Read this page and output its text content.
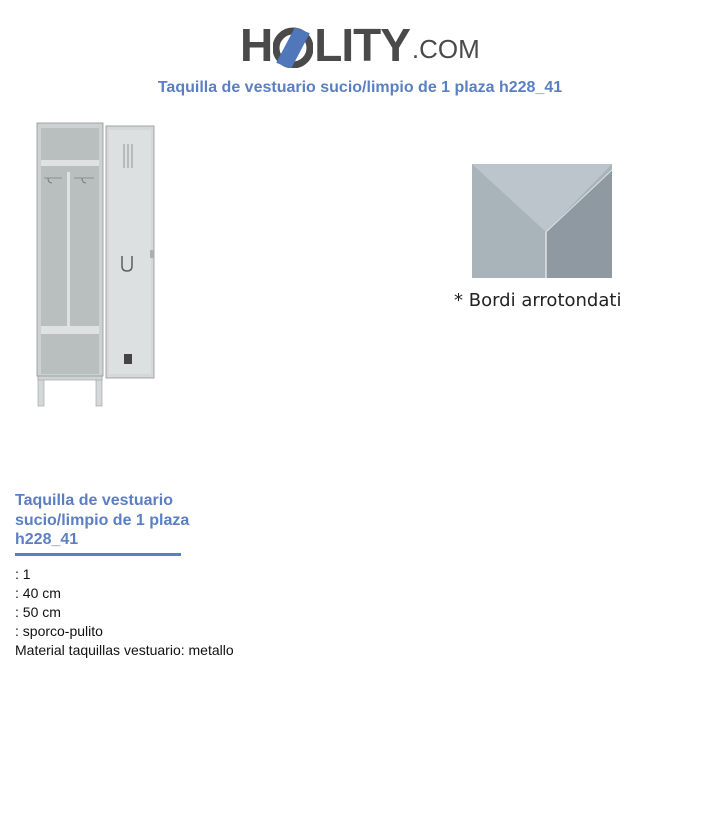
H LITY .COM
Taquilla de vestuario sucio/limpio de 1 plaza h228_41
* Bordi arrotondati
Taquilla de vestuario sucio/limpio de 1 plaza h228_41
: 1
: 40 cm
: 50 cm
: sporco-pulito
Material taquillas vestuario: metallo
